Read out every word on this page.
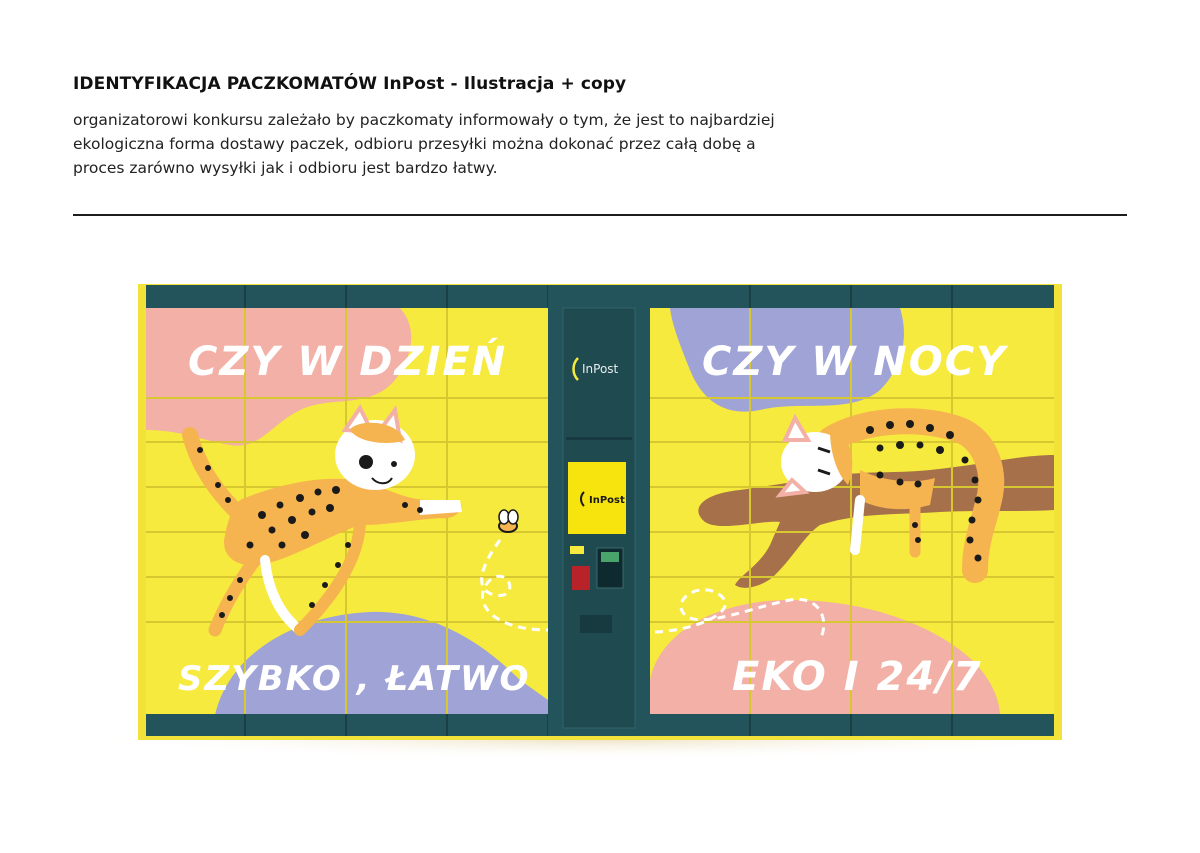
IDENTYFIKACJA PACZKOMATÓW InPost - Ilustracja + copy
organizatorowi konkursu zależało by paczkomaty informowały o tym, że jest to najbardziej
ekologiczna forma dostawy paczek, odbioru przesyłki można dokonać przez całą dobę a
proces zarówno wysyłki jak i odbioru jest bardzo łatwy.
CZY W DZIEŃ	CZY W NOCY
SZYBKO , ŁATWO	EKO I 24/7
InPost
InPost
